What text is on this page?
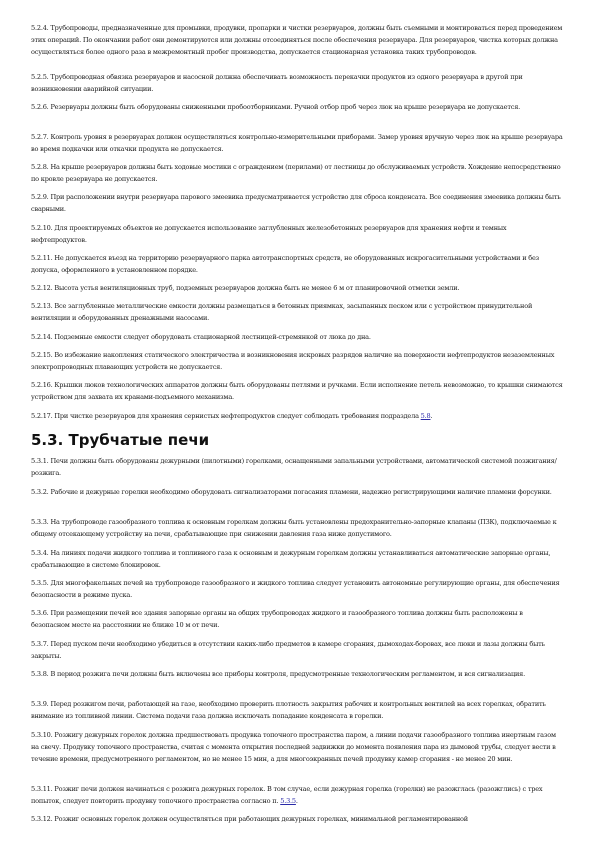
5.2.4. Трубопроводы, предназначенные для промывки, продувки, пропарки и чистки резервуаров, должны быть съемными и монтироваться перед проведением этих операций. По окончании работ они демонтируются или должны отсоединяться после обеспечения резервуара. Для резервуаров, чистка которых должна осуществляться более одного раза в межремонтный пробег производства, допускается стационарная установка таких трубопроводов.

5.2.5. Трубопроводная обвязка резервуаров и насосной должна обеспечивать возможность перекачки продуктов из одного резервуара в другой при возникновении аварийной ситуации.

5.2.6. Резервуары должны быть оборудованы сниженными пробоотборниками. Ручной отбор проб через люк на крыше резервуара не допускается.

5.2.7. Контроль уровня в резервуарах должен осуществляться контрольно-измерительными приборами. Замер уровня вручную через люк на крыше резервуара во время подкачки или откачки продукта не допускается.

5.2.8. На крыше резервуаров должны быть ходовые мостики с ограждением (перилами) от лестницы до обслуживаемых устройств. Хождение непосредственно по кровле резервуара не допускается.

5.2.9. При расположении внутри резервуара парового змеевика предусматривается устройство для сброса конденсата. Все соединения змеевика должны быть сварными.

5.2.10. Для проектируемых объектов не допускается использование заглубленных железобетонных резервуаров для хранения нефти и темных нефтепродуктов.

5.2.11. Не допускается въезд на территорию резервуарного парка автотранспортных средств, не оборудованных искрогасительными устройствами и без допуска, оформленного в установленном порядке.

5.2.12. Высота устья вентиляционных труб, подземных резервуаров должна быть не менее 6 м от планировочной отметки земли.

5.2.13. Все заглубленные металлические емкости должны размещаться в бетонных приямках, засыпанных песком или с устройством принудительной вентиляции и оборудованных дренажными насосами.

5.2.14. Подземные емкости следует оборудовать стационарной лестницей-стремянкой от люка до дна.

5.2.15. Во избежание накопления статического электричества и возникновения искровых разрядов наличие на поверхности нефтепродуктов незаземленных электропроводных плавающих устройств не допускается.

5.2.16. Крышки люков технологических аппаратов должны быть оборудованы петлями и ручками. Если исполнение петель невозможно, то крышки снимаются устройством для захвата их кранами-подъемного механизма.

5.2.17. При чистке резервуаров для хранения сернистых нефтепродуктов следует соблюдать требования подраздела 5.8.

5.3. Трубчатые печи

5.3.1. Печи должны быть оборудованы дежурными (пилотными) горелками, оснащенными запальными устройствами, автоматической системой позжигания/розжига.

5.3.2. Рабочие и дежурные горелки необходимо оборудовать сигнализаторами погасания пламени, надежно регистрирующими наличие пламени форсунки.

5.3.3. На трубопроводе газообразного топлива к основным горелкам должны быть установлены предохранительно-запорные клапаны (ПЗК), подключаемые к общему отсекающему устройству на печи, срабатывающие при снижении давления газа ниже допустимого.

5.3.4. На линиях подачи жидкого топлива и топливного газа к основным и дежурным горелкам должны устанавливаться автоматические запорные органы, срабатывающие в системе блокировок.

5.3.5. Для многофакельных печей на трубопроводе газообразного и жидкого топлива следует установить автономные регулирующие органы, для обеспечения безопасности в режиме пуска.

5.3.6. При размещении печей все здания запорные органы на общих трубопроводах жидкого и газообразного топлива должны быть расположены в безопасном месте на расстоянии не ближе 10 м от печи.

5.3.7. Перед пуском печи необходимо убедиться в отсутствии каких-либо предметов в камере сгорания, дымоходах-боровах, все люки и лазы должны быть закрыты.

5.3.8. В период розжига печи должны быть включены все приборы контроля, предусмотренные технологическим регламентом, и вся сигнализация.

5.3.9. Перед розжигом печи, работающей на газе, необходимо проверить плотность закрытия рабочих и контрольных вентилей на всех горелках, обратить внимание из топливной линии. Система подачи газа должна исключать попадание конденсата в горелки.

5.3.10. Розжигу дежурных горелок должна предшествовать продувка топочного пространства паром, а линии подачи газообразного топлива инертным газом на свечу. Продувку топочного пространства, считая с момента открытия последней задвижки до момента появления пара из дымовой трубы, следует вести в течение времени, предусмотренного регламентом, но не менее 15 мин, а для многоэкранных печей продувку камер сгорания - не менее 20 мин.

5.3.11. Розжиг печи должен начинаться с розжига дежурных горелок. В том случае, если дежурная горелка (горелки) не разожглась (разожглись) с трех попыток, следует повторить продувку топочного пространства согласно п. 5.3.5.

5.3.12. Розжиг основных горелок должен осуществляться при работающих дежурных горелках, минимальной регламентированной
